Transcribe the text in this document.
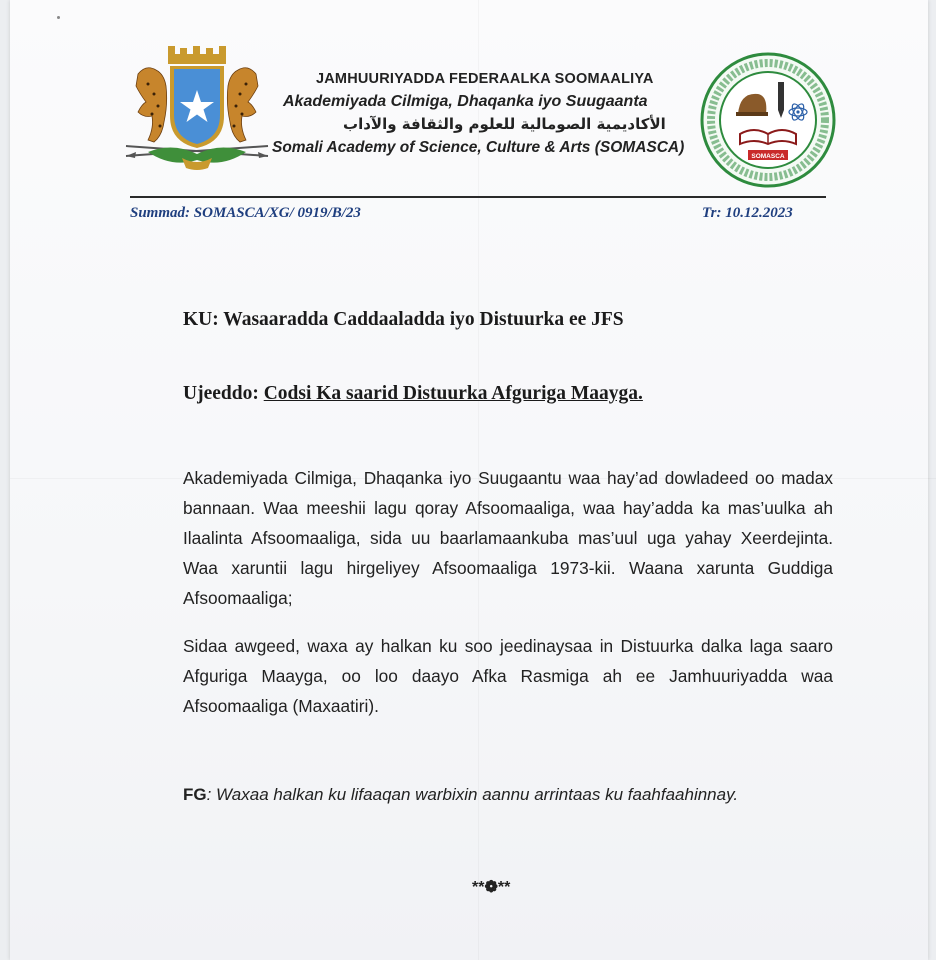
JAMHUURIYADDA FEDERAALKA SOOMAALIYA
Akademiyada Cilmiga, Dhaqanka iyo Suugaanta
الأكاديمية الصومالية للعلوم والثقافة والآداب
Somali Academy of Science, Culture & Arts (SOMASCA)
SOMASCA
Summad: SOMASCA/XG/ 0919/B/23	Tr: 10.12.2023
KU: Wasaaradda Caddaaladda iyo Distuurka ee JFS
Ujeeddo: Codsi Ka saarid Distuurka Afguriga Maayga.
Akademiyada Cilmiga, Dhaqanka iyo Suugaantu waa hay’ad dowladeed oo madax bannaan. Waa meeshii lagu qoray Afsoomaaliga, waa hay’adda ka mas’uulka ah Ilaalinta Afsoomaaliga, sida uu baarlamaankuba mas’uul uga yahay Xeerdejinta. Waa xaruntii lagu hirgeliyey Afsoomaaliga 1973-kii. Waana xarunta Guddiga Afsoomaaliga;
Sidaa awgeed, waxa ay halkan ku soo jeedinaysaa in Distuurka dalka laga saaro Afguriga Maayga, oo loo daayo Afka Rasmiga ah ee Jamhuuriyadda waa Afsoomaaliga (Maxaatiri).
FG: Waxaa halkan ku lifaaqan warbixin aannu arrintaas ku faahfaahinnay.
**❁**
